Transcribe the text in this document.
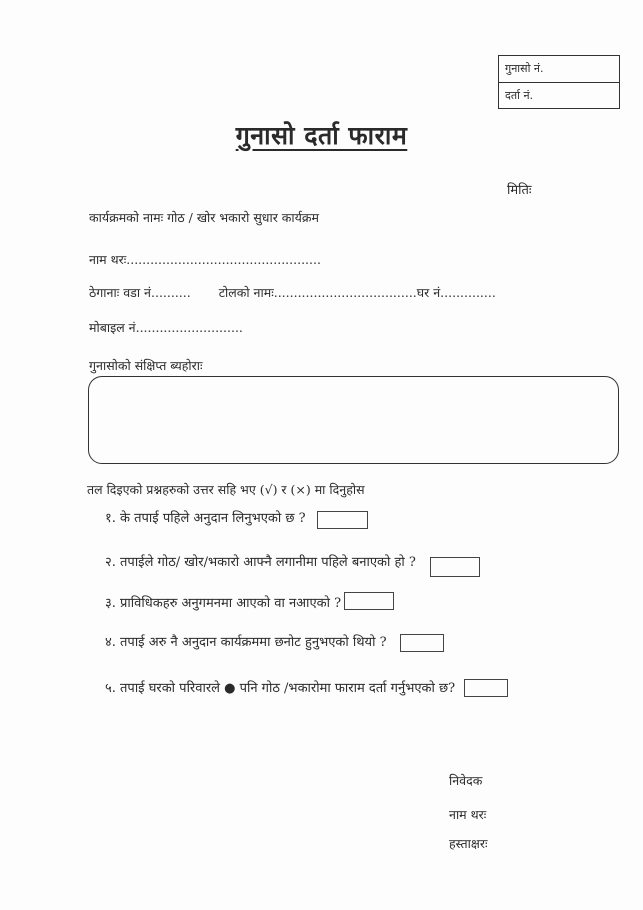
गुनासो नं.
दर्ता नं.
गुनासो दर्ता फाराम
मितिः
कार्यक्रमको नामः गोठ / खोर भकारो सुधार कार्यक्रम
नाम थरः.................................................
ठेगानाः वडा नं.......... टोलको नामः....................................घर नं..............
मोबाइल नं...........................
गुनासोको संक्षिप्त ब्यहोराः
तल दिइएको प्रश्नहरुको उत्तर सहि भए (√) र (×) मा दिनुहोस
१. के तपाई पहिले अनुदान लिनुभएको छ ?
२. तपाईले गोठ/ खोर/भकारो आफ्नै लगानीमा पहिले बनाएको हो ?
३. प्राविधिकहरु अनुगमनमा आएको वा नआएको ?
४. तपाई अरु नै अनुदान कार्यक्रममा छनोट हुनुभएको थियो ?
५. तपाई घरको परिवारले ● पनि गोठ /भकारोमा फाराम दर्ता गर्नुभएको छ?
निवेदक
नाम थरः
हस्ताक्षरः
